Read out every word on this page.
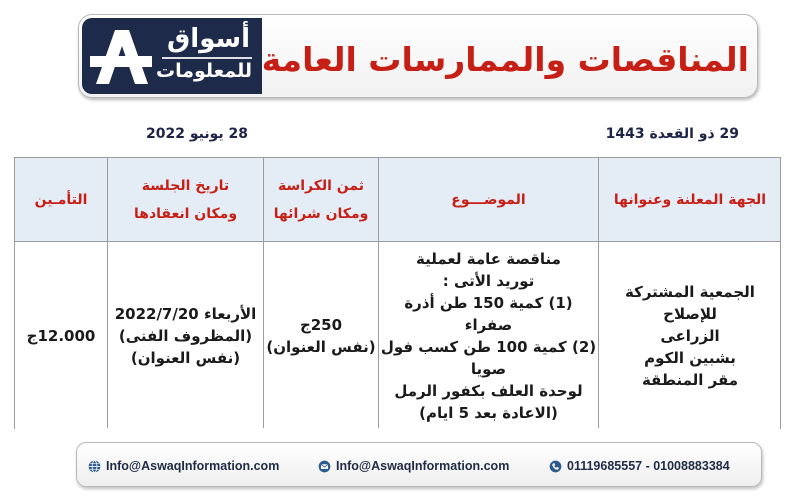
أسواق
للمعلومات المناقصات والممارسات العامة
29 ذو القعدة 1443
28 يونيو 2022
الجهة المعلنة وعنوانها
الموضـــوع
ثمن الكراسة
ومكان شرائها
تاريخ الجلسة
ومكان انعقادها
التأمـين
الجمعية المشتركة للإصلاح
الزراعى
بشبين الكوم
مقر المنطقة
مناقصة عامة لعملية
توريد الأتى :
(1) كمية 150 طن أذرة صفراء
(2) كمية 100 طن كسب فول
صويا
لوحدة العلف بكفور الرمل
(الاعادة بعد 5 ايام)
250ج
(نفس العنوان)
الأربعاء 2022/7/20
(المظروف الفنى)
(نفس العنوان)
12.000ج
Info@AswaqInformation.com	Info@AswaqInformation.com	01119685557 - 01008883384
